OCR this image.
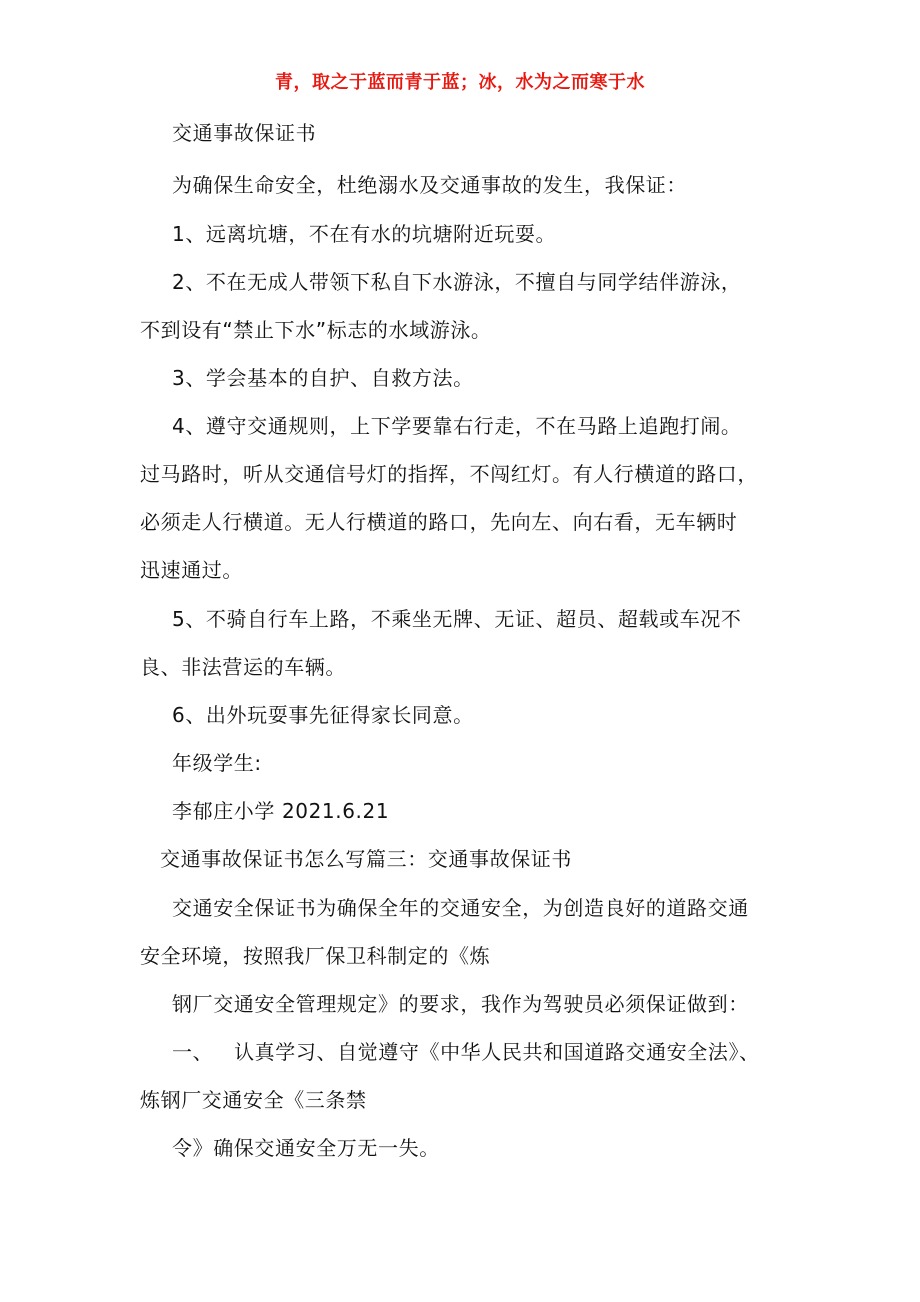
青，取之于蓝而青于蓝；冰，水为之而寒于水
交通事故保证书
为确保生命安全，杜绝溺水及交通事故的发生，我保证：
1、远离坑塘，不在有水的坑塘附近玩耍。
2、不在无成人带领下私自下水游泳，不擅自与同学结伴游泳，
不到设有“禁止下水”标志的水域游泳。
3、学会基本的自护、自救方法。
4、遵守交通规则，上下学要靠右行走，不在马路上追跑打闹。
过马路时，听从交通信号灯的指挥，不闯红灯。有人行横道的路口，
必须走人行横道。无人行横道的路口，先向左、向右看，无车辆时
迅速通过。
5、不骑自行车上路，不乘坐无牌、无证、超员、超载或车况不
良、非法营运的车辆。
6、出外玩耍事先征得家长同意。
年级学生:
李郁庄小学 2021.6.21
交通事故保证书怎么写篇三：交通事故保证书
交通安全保证书为确保全年的交通安全，为创造良好的道路交通
安全环境，按照我厂保卫科制定的《炼
钢厂交通安全管理规定》的要求，我作为驾驶员必须保证做到：
一、   认真学习、自觉遵守《中华人民共和国道路交通安全法》、
炼钢厂交通安全《三条禁
令》确保交通安全万无一失。
